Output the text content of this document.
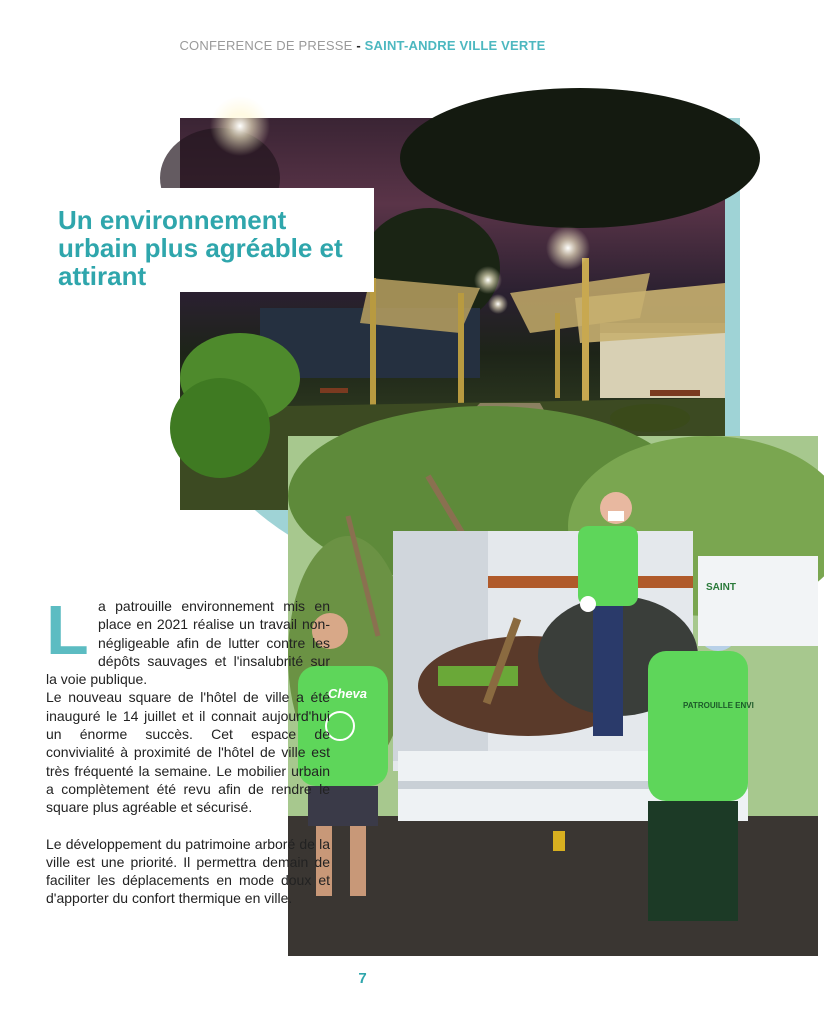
CONFERENCE DE PRESSE - SAINT-ANDRE VILLE VERTE
Un environnement urbain plus agréable et attirant
Cheva
PATROUILLE ENVI
SAINT

L a patrouille environnement mis en place en 2021 réalise un travail non-négligeable afin de lutter contre les dépôts sauvages et l'insalubrité sur la voie publique.

Le nouveau square de l'hôtel de ville a été inauguré le 14 juillet et il connait aujourd'hui un énorme succès. Cet espace de convivialité à proximité de l'hôtel de ville est très fréquenté la semaine. Le mobilier urbain a complètement été revu afin de rendre le square plus agréable et sécurisé.

Le développement du patrimoine arboré de la ville est une priorité. Il permettra demain de faciliter les déplacements en mode doux et d'apporter du confort thermique en ville.

7
